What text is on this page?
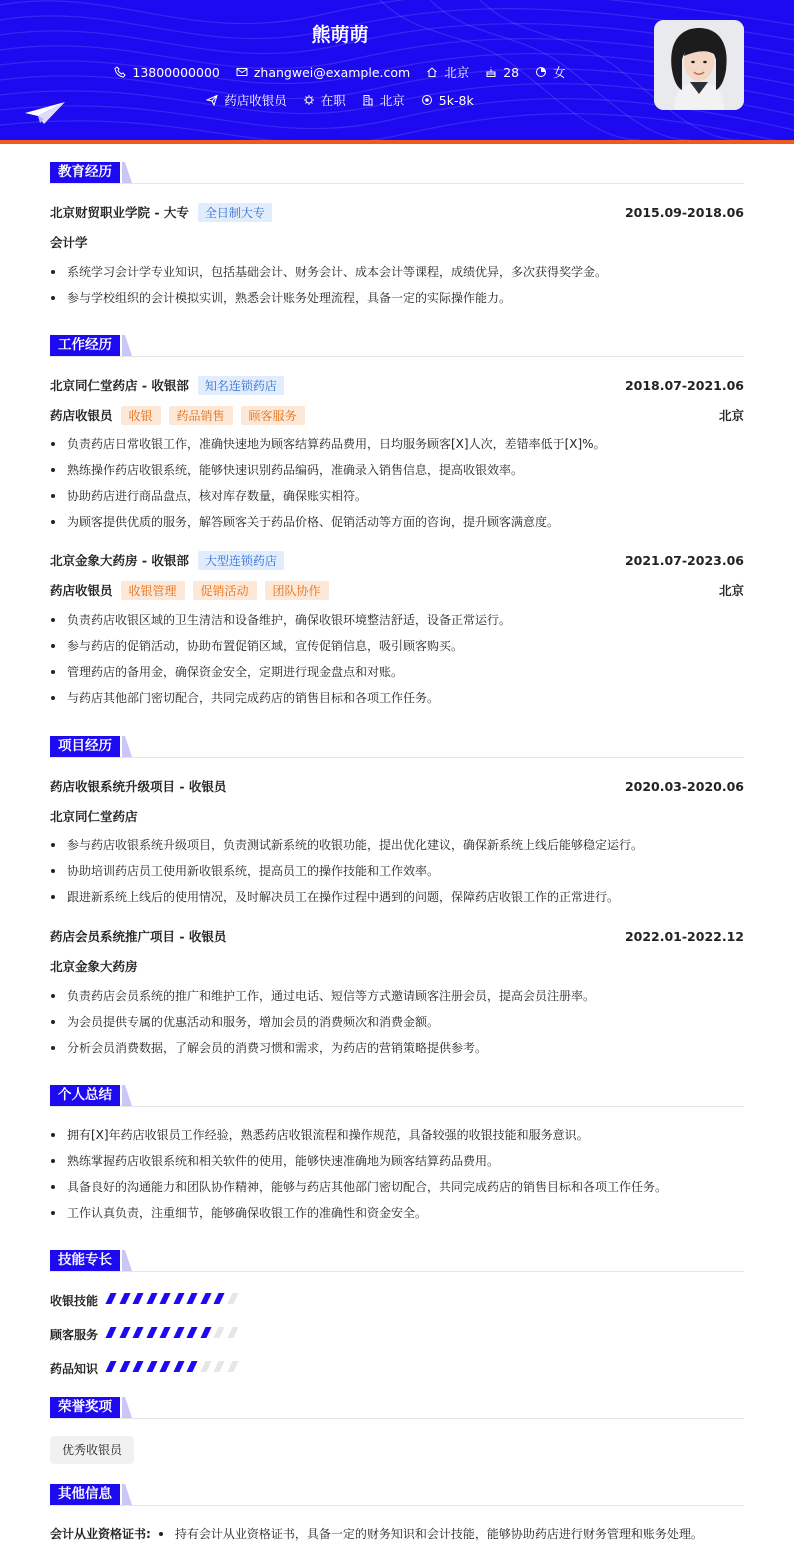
熊萌萌
13800000000
	zhangwei@example.com
	北京
	28
	女
药店收银员
	在职
	北京
	5k-8k
教育经历
北京财贸职业学院 - 大专	全日制大专	2015.09-2018.06
会计学
系统学习会计学专业知识，包括基础会计、财务会计、成本会计等课程，成绩优异，多次获得奖学金。
参与学校组织的会计模拟实训，熟悉会计账务处理流程，具备一定的实际操作能力。
工作经历
北京同仁堂药店 - 收银部	知名连锁药店	2018.07-2021.06
药店收银员	收银	药品销售	顾客服务	北京
负责药店日常收银工作，准确快速地为顾客结算药品费用，日均服务顾客[X]人次，差错率低于[X]%。
熟练操作药店收银系统，能够快速识别药品编码，准确录入销售信息，提高收银效率。
协助药店进行商品盘点，核对库存数量，确保账实相符。
为顾客提供优质的服务，解答顾客关于药品价格、促销活动等方面的咨询，提升顾客满意度。
北京金象大药房 - 收银部	大型连锁药店	2021.07-2023.06
药店收银员	收银管理	促销活动	团队协作	北京
负责药店收银区域的卫生清洁和设备维护，确保收银环境整洁舒适，设备正常运行。
参与药店的促销活动，协助布置促销区域，宣传促销信息，吸引顾客购买。
管理药店的备用金，确保资金安全，定期进行现金盘点和对账。
与药店其他部门密切配合，共同完成药店的销售目标和各项工作任务。
项目经历
药店收银系统升级项目 - 收银员	2020.03-2020.06
北京同仁堂药店
参与药店收银系统升级项目，负责测试新系统的收银功能，提出优化建议，确保新系统上线后能够稳定运行。
协助培训药店员工使用新收银系统，提高员工的操作技能和工作效率。
跟进新系统上线后的使用情况，及时解决员工在操作过程中遇到的问题，保障药店收银工作的正常进行。
药店会员系统推广项目 - 收银员	2022.01-2022.12
北京金象大药房
负责药店会员系统的推广和维护工作，通过电话、短信等方式邀请顾客注册会员，提高会员注册率。
为会员提供专属的优惠活动和服务，增加会员的消费频次和消费金额。
分析会员消费数据，了解会员的消费习惯和需求，为药店的营销策略提供参考。
个人总结
拥有[X]年药店收银员工作经验，熟悉药店收银流程和操作规范，具备较强的收银技能和服务意识。
熟练掌握药店收银系统和相关软件的使用，能够快速准确地为顾客结算药品费用。
具备良好的沟通能力和团队协作精神，能够与药店其他部门密切配合，共同完成药店的销售目标和各项工作任务。
工作认真负责，注重细节，能够确保收银工作的准确性和资金安全。
技能专长
收银技能
顾客服务
药品知识
荣誉奖项
优秀收银员
其他信息
会计从业资格证书: 持有会计从业资格证书，具备一定的财务知识和会计技能，能够协助药店进行财务管理和账务处理。
